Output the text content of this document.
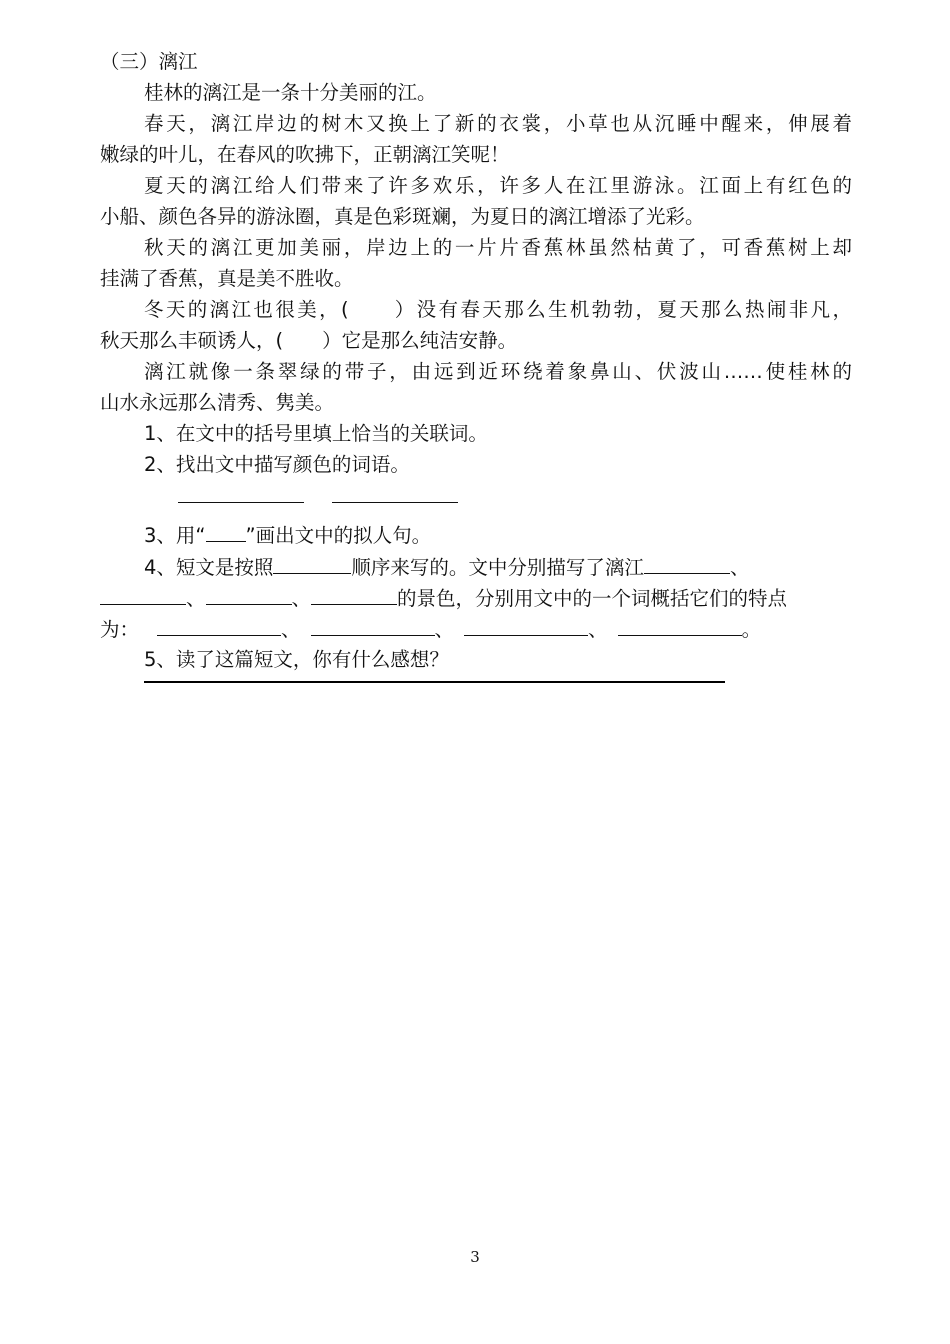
（三）漓江
桂林的漓江是一条十分美丽的江。
春天，漓江岸边的树木又换上了新的衣裳，小草也从沉睡中醒来，伸展着
嫩绿的叶儿，在春风的吹拂下，正朝漓江笑呢！
夏天的漓江给人们带来了许多欢乐，许多人在江里游泳。江面上有红色的
小船、颜色各异的游泳圈，真是色彩斑斓，为夏日的漓江增添了光彩。
秋天的漓江更加美丽，岸边上的一片片香蕉林虽然枯黄了，可香蕉树上却
挂满了香蕉，真是美不胜收。
冬天的漓江也很美，(　　）没有春天那么生机勃勃，夏天那么热闹非凡，
秋天那么丰硕诱人，(　　）它是那么纯洁安静。
漓江就像一条翠绿的带子，由远到近环绕着象鼻山、伏波山……使桂林的
山水永远那么清秀、隽美。
1、在文中的括号里填上恰当的关联词。
2、找出文中描写颜色的词语。

3、用“ ”画出文中的拟人句。
4、短文是按照	顺序来写的。文中分别描写了漓江	、
、	、	的景色，分别用文中的一个词概括它们的特点
为：	、	、	、	。
5、读了这篇短文，你有什么感想？
3
